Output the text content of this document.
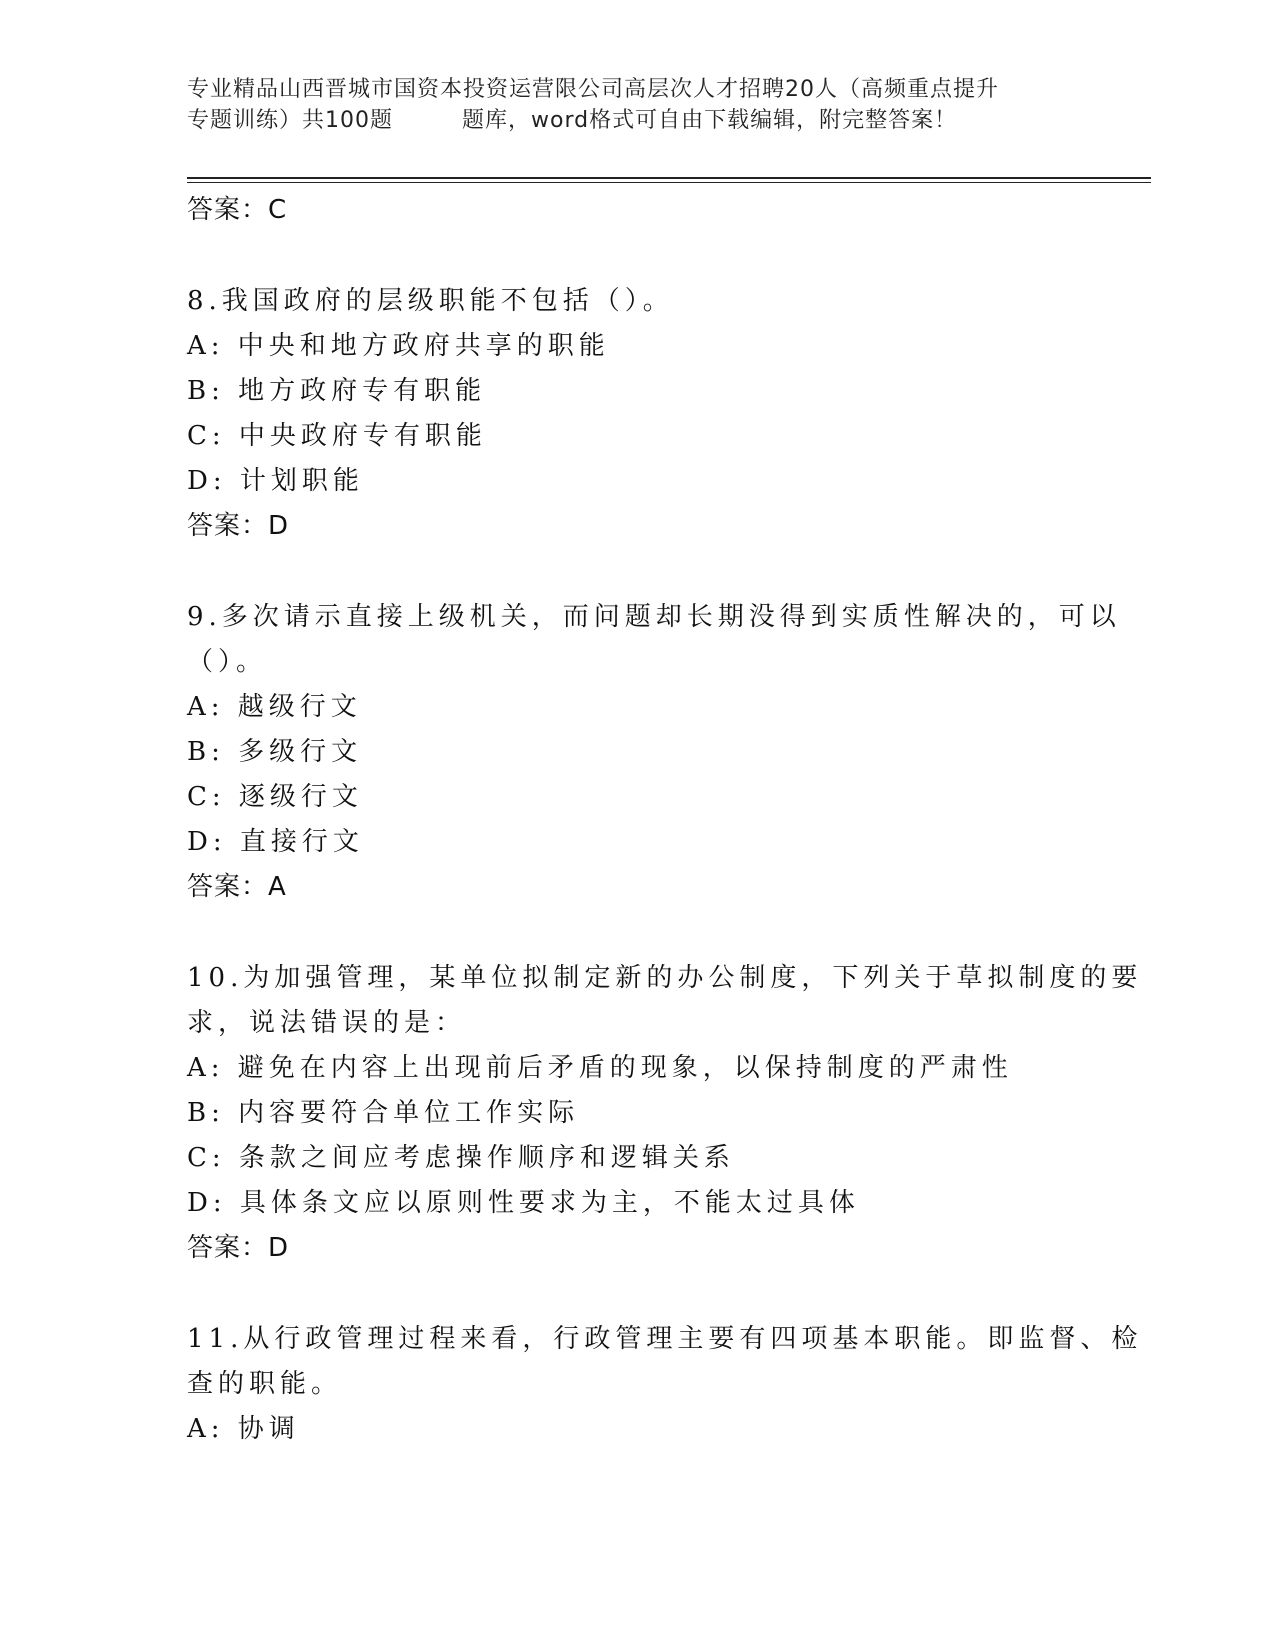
专业精品山西晋城市国资本投资运营限公司高层次人才招聘20人（高频重点提升
专题训练）共100题　　　题库，word格式可自由下载编辑，附完整答案！
答案：C
8.我国政府的层级职能不包括（）。
A: 中央和地方政府共享的职能
B: 地方政府专有职能
C: 中央政府专有职能
D: 计划职能
答案：D
9.多次请示直接上级机关，而问题却长期没得到实质性解决的，可以
（）。
A: 越级行文
B: 多级行文
C: 逐级行文
D: 直接行文
答案：A
10.为加强管理，某单位拟制定新的办公制度，下列关于草拟制度的要
求，说法错误的是：
A: 避免在内容上出现前后矛盾的现象，以保持制度的严肃性
B: 内容要符合单位工作实际
C: 条款之间应考虑操作顺序和逻辑关系
D: 具体条文应以原则性要求为主，不能太过具体
答案：D
11.从行政管理过程来看，行政管理主要有四项基本职能。即监督、检
查的职能。
A: 协调
